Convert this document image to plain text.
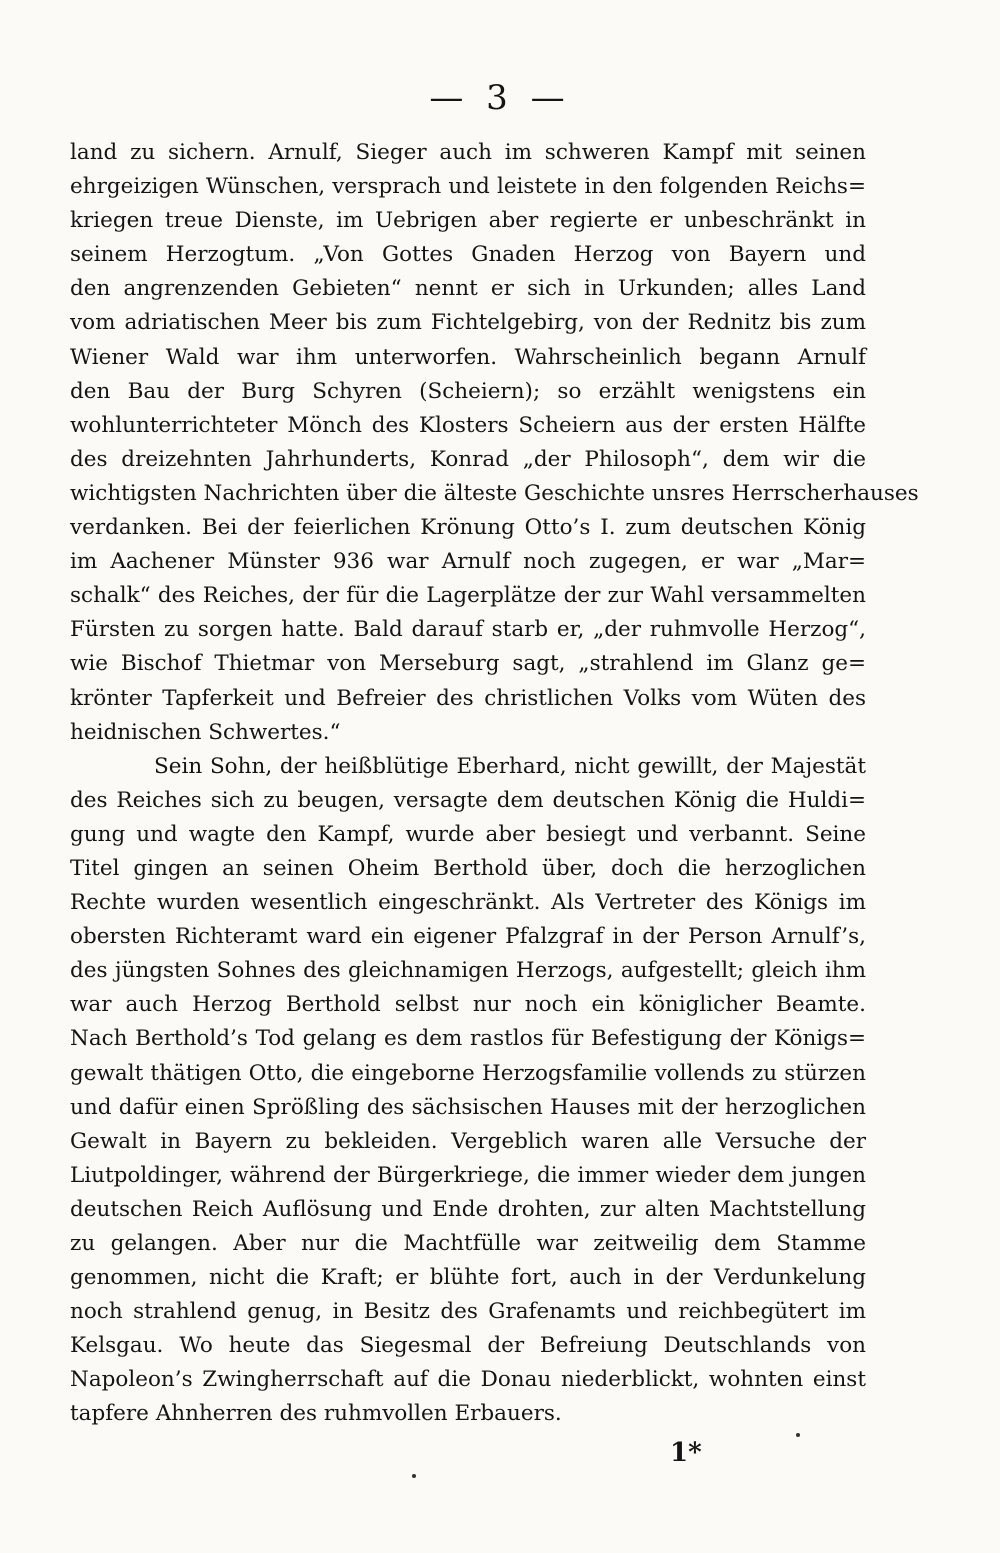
— 3 —
land zu sichern. Arnulf, Sieger auch im schweren Kampf mit seinen
ehrgeizigen Wünschen, versprach und leistete in den folgenden Reichs=
kriegen treue Dienste, im Uebrigen aber regierte er unbeschränkt in
seinem Herzogtum. „Von Gottes Gnaden Herzog von Bayern und
den angrenzenden Gebieten“ nennt er sich in Urkunden; alles Land
vom adriatischen Meer bis zum Fichtelgebirg, von der Rednitz bis zum
Wiener Wald war ihm unterworfen. Wahrscheinlich begann Arnulf
den Bau der Burg Schyren (Scheiern); so erzählt wenigstens ein
wohlunterrichteter Mönch des Klosters Scheiern aus der ersten Hälfte
des dreizehnten Jahrhunderts, Konrad „der Philosoph“, dem wir die
wichtigsten Nachrichten über die älteste Geschichte unsres Herrscherhauses
verdanken. Bei der feierlichen Krönung Otto’s I. zum deutschen König
im Aachener Münster 936 war Arnulf noch zugegen, er war „Mar=
schalk“ des Reiches, der für die Lagerplätze der zur Wahl versammelten
Fürsten zu sorgen hatte. Bald darauf starb er, „der ruhmvolle Herzog“,
wie Bischof Thietmar von Merseburg sagt, „strahlend im Glanz ge=
krönter Tapferkeit und Befreier des christlichen Volks vom Wüten des
heidnischen Schwertes.“
Sein Sohn, der heißblütige Eberhard, nicht gewillt, der Majestät
des Reiches sich zu beugen, versagte dem deutschen König die Huldi=
gung und wagte den Kampf, wurde aber besiegt und verbannt. Seine
Titel gingen an seinen Oheim Berthold über, doch die herzoglichen
Rechte wurden wesentlich eingeschränkt. Als Vertreter des Königs im
obersten Richteramt ward ein eigener Pfalzgraf in der Person Arnulf’s,
des jüngsten Sohnes des gleichnamigen Herzogs, aufgestellt; gleich ihm
war auch Herzog Berthold selbst nur noch ein königlicher Beamte.
Nach Berthold’s Tod gelang es dem rastlos für Befestigung der Königs=
gewalt thätigen Otto, die eingeborne Herzogsfamilie vollends zu stürzen
und dafür einen Sprößling des sächsischen Hauses mit der herzoglichen
Gewalt in Bayern zu bekleiden. Vergeblich waren alle Versuche der
Liutpoldinger, während der Bürgerkriege, die immer wieder dem jungen
deutschen Reich Auflösung und Ende drohten, zur alten Machtstellung
zu gelangen. Aber nur die Machtfülle war zeitweilig dem Stamme
genommen, nicht die Kraft; er blühte fort, auch in der Verdunkelung
noch strahlend genug, in Besitz des Grafenamts und reichbegütert im
Kelsgau. Wo heute das Siegesmal der Befreiung Deutschlands von
Napoleon’s Zwingherrschaft auf die Donau niederblickt, wohnten einst
tapfere Ahnherren des ruhmvollen Erbauers.
1*
